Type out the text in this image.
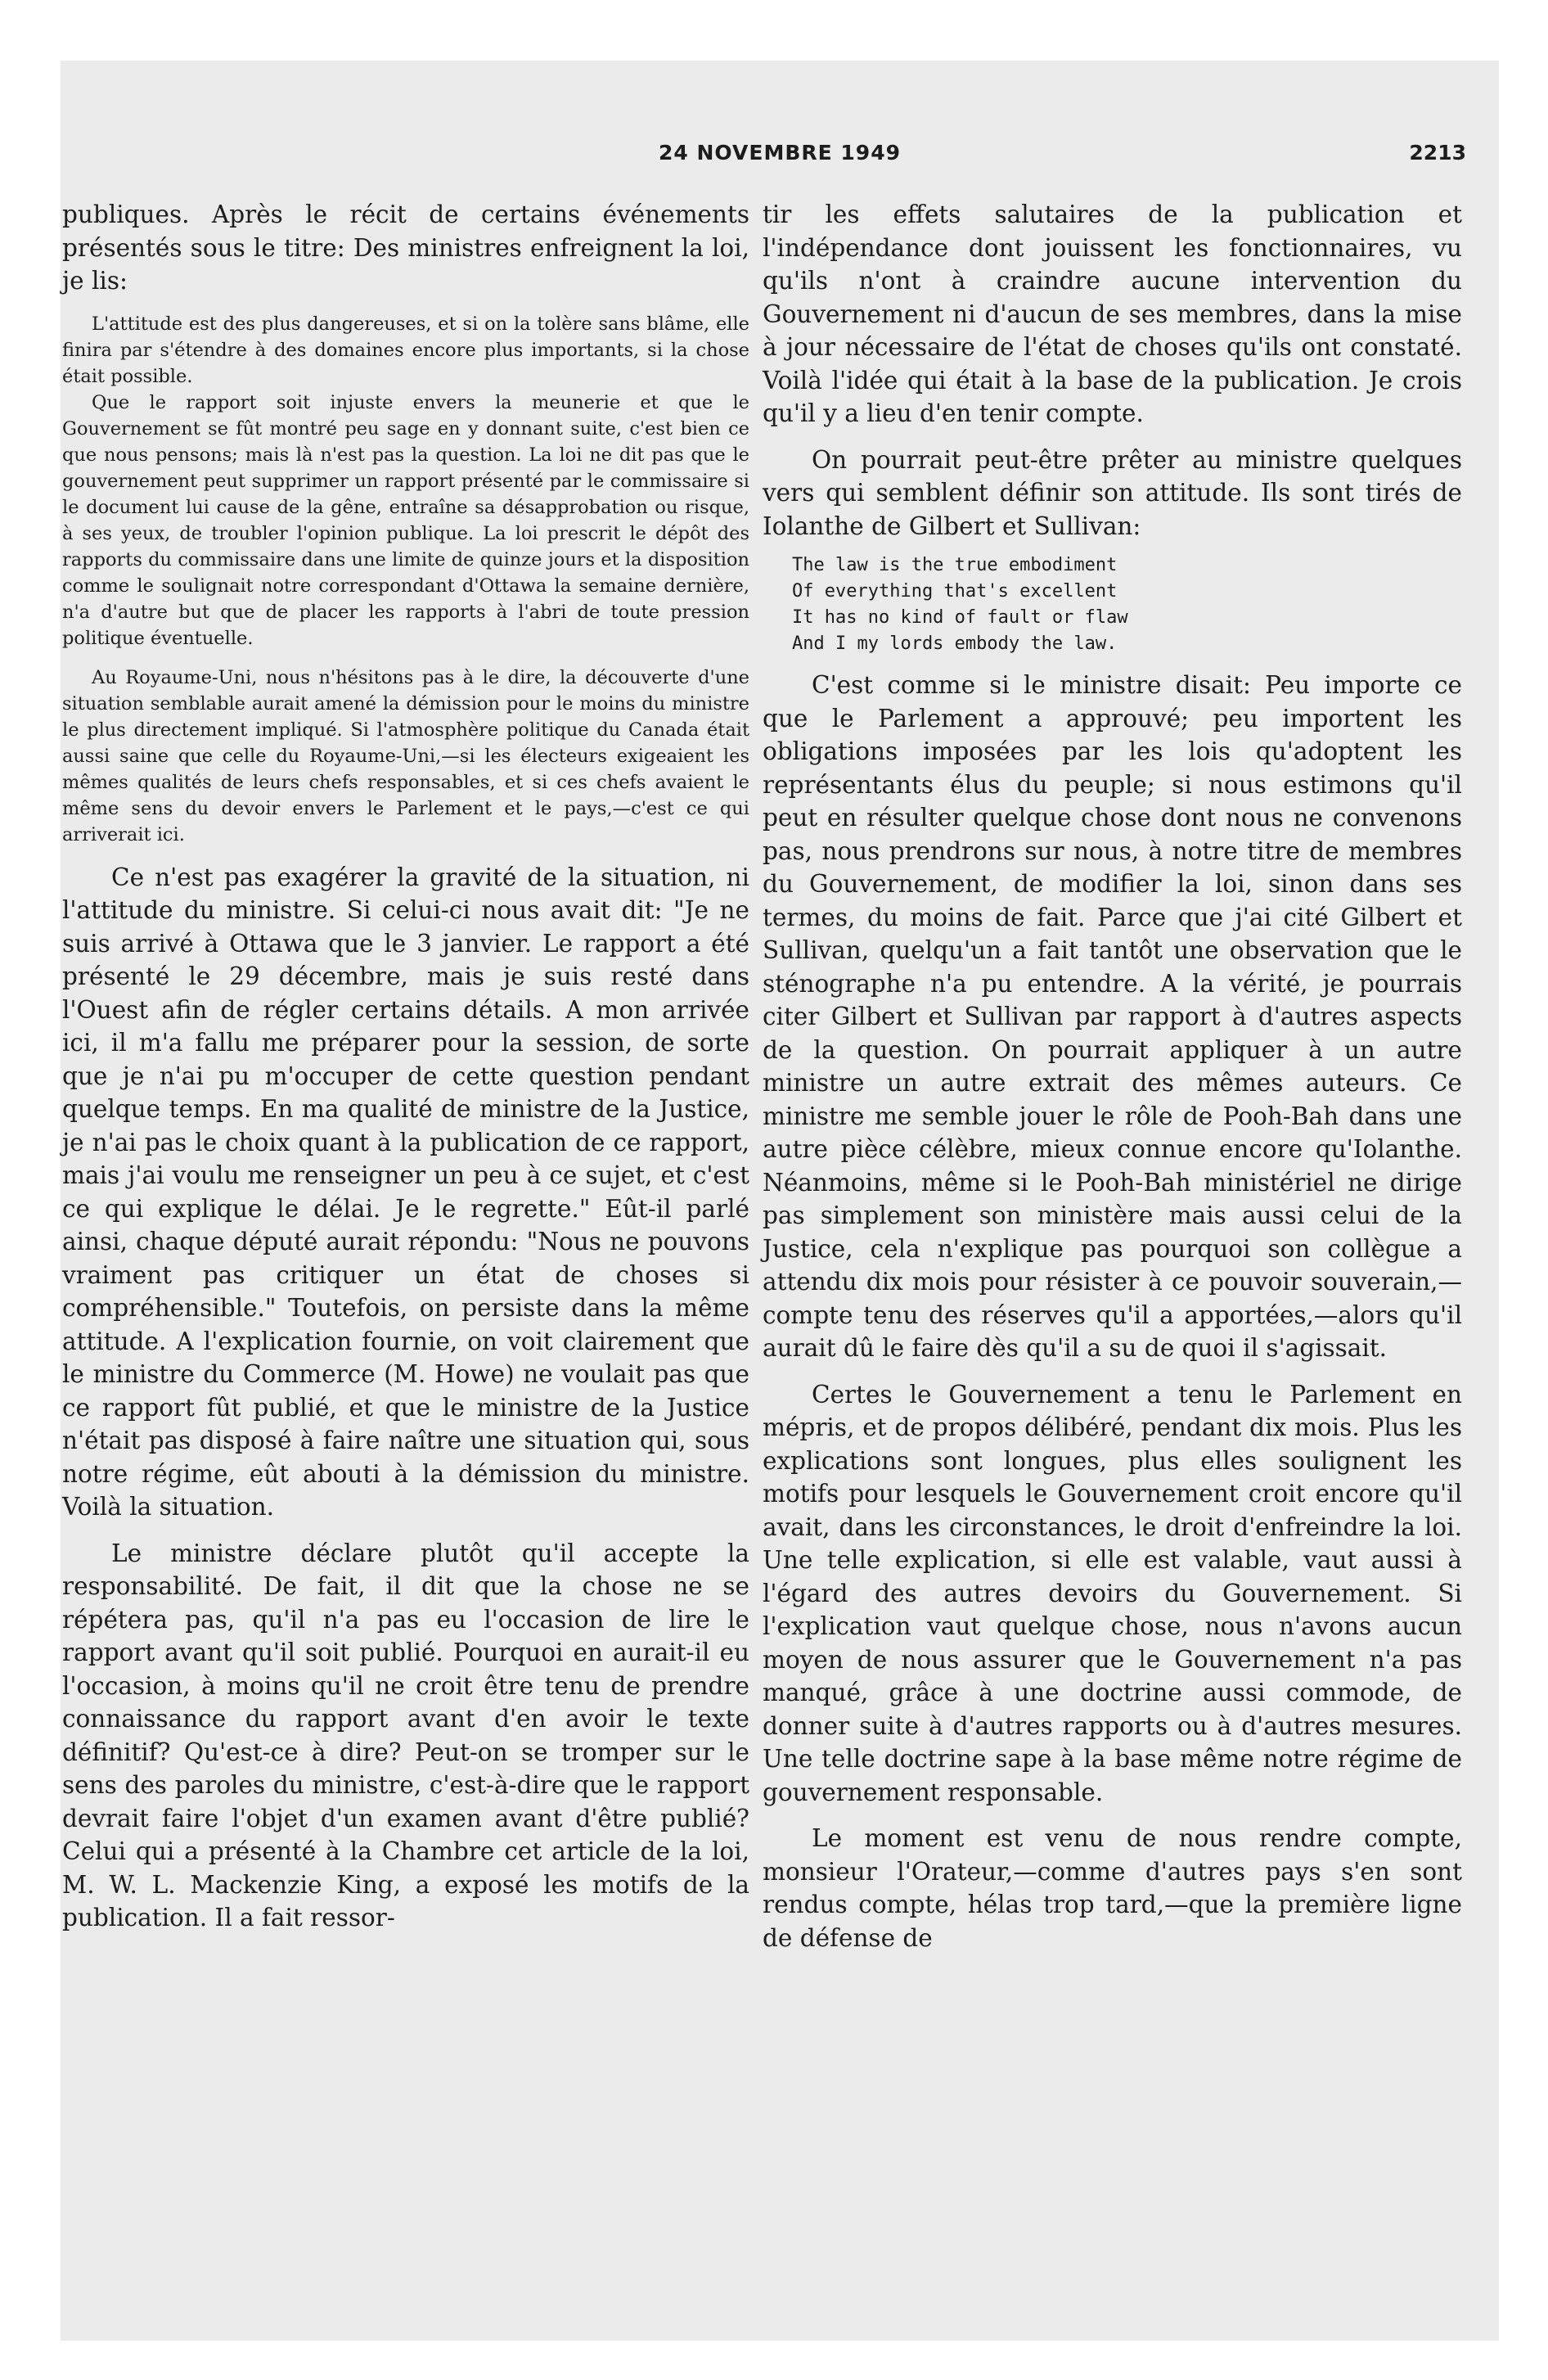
24 NOVEMBRE 1949	2213

publiques. Après le récit de certains événements présentés sous le titre: Des ministres enfreignent la loi, je lis:

L'attitude est des plus dangereuses, et si on la tolère sans blâme, elle finira par s'étendre à des domaines encore plus importants, si la chose était possible.

Que le rapport soit injuste envers la meunerie et que le Gouvernement se fût montré peu sage en y donnant suite, c'est bien ce que nous pensons; mais là n'est pas la question. La loi ne dit pas que le gouvernement peut supprimer un rapport présenté par le commissaire si le document lui cause de la gêne, entraîne sa désapprobation ou risque, à ses yeux, de troubler l'opinion publique. La loi prescrit le dépôt des rapports du commissaire dans une limite de quinze jours et la disposition comme le soulignait notre correspondant d'Ottawa la semaine dernière, n'a d'autre but que de placer les rapports à l'abri de toute pression politique éventuelle.

Au Royaume-Uni, nous n'hésitons pas à le dire, la découverte d'une situation semblable aurait amené la démission pour le moins du ministre le plus directement impliqué. Si l'atmosphère politique du Canada était aussi saine que celle du Royaume-Uni,—si les électeurs exigeaient les mêmes qualités de leurs chefs responsables, et si ces chefs avaient le même sens du devoir envers le Parlement et le pays,—c'est ce qui arriverait ici.

Ce n'est pas exagérer la gravité de la situation, ni l'attitude du ministre. Si celui-ci nous avait dit: "Je ne suis arrivé à Ottawa que le 3 janvier. Le rapport a été présenté le 29 décembre, mais je suis resté dans l'Ouest afin de régler certains détails. A mon arrivée ici, il m'a fallu me préparer pour la session, de sorte que je n'ai pu m'occuper de cette question pendant quelque temps. En ma qualité de ministre de la Justice, je n'ai pas le choix quant à la publication de ce rapport, mais j'ai voulu me renseigner un peu à ce sujet, et c'est ce qui explique le délai. Je le regrette." Eût-il parlé ainsi, chaque député aurait répondu: "Nous ne pouvons vraiment pas critiquer un état de choses si compréhensible." Toutefois, on persiste dans la même attitude. A l'explication fournie, on voit clairement que le ministre du Commerce (M. Howe) ne voulait pas que ce rapport fût publié, et que le ministre de la Justice n'était pas disposé à faire naître une situation qui, sous notre régime, eût abouti à la démission du ministre. Voilà la situation.

Le ministre déclare plutôt qu'il accepte la responsabilité. De fait, il dit que la chose ne se répétera pas, qu'il n'a pas eu l'occasion de lire le rapport avant qu'il soit publié. Pourquoi en aurait-il eu l'occasion, à moins qu'il ne croit être tenu de prendre connaissance du rapport avant d'en avoir le texte définitif? Qu'est-ce à dire? Peut-on se tromper sur le sens des paroles du ministre, c'est-à-dire que le rapport devrait faire l'objet d'un examen avant d'être publié? Celui qui a présenté à la Chambre cet article de la loi, M. W. L. Mackenzie King, a exposé les motifs de la publication. Il a fait ressor-

tir les effets salutaires de la publication et l'indépendance dont jouissent les fonctionnaires, vu qu'ils n'ont à craindre aucune intervention du Gouvernement ni d'aucun de ses membres, dans la mise à jour nécessaire de l'état de choses qu'ils ont constaté. Voilà l'idée qui était à la base de la publication. Je crois qu'il y a lieu d'en tenir compte.

On pourrait peut-être prêter au ministre quelques vers qui semblent définir son attitude. Ils sont tirés de Iolanthe de Gilbert et Sullivan:

The law is the true embodiment
Of everything that's excellent
It has no kind of fault or flaw
And I my lords embody the law.

C'est comme si le ministre disait: Peu importe ce que le Parlement a approuvé; peu importent les obligations imposées par les lois qu'adoptent les représentants élus du peuple; si nous estimons qu'il peut en résulter quelque chose dont nous ne convenons pas, nous prendrons sur nous, à notre titre de membres du Gouvernement, de modifier la loi, sinon dans ses termes, du moins de fait. Parce que j'ai cité Gilbert et Sullivan, quelqu'un a fait tantôt une observation que le sténographe n'a pu entendre. A la vérité, je pourrais citer Gilbert et Sullivan par rapport à d'autres aspects de la question. On pourrait appliquer à un autre ministre un autre extrait des mêmes auteurs. Ce ministre me semble jouer le rôle de Pooh-Bah dans une autre pièce célèbre, mieux connue encore qu'Iolanthe. Néanmoins, même si le Pooh-Bah ministériel ne dirige pas simplement son ministère mais aussi celui de la Justice, cela n'explique pas pourquoi son collègue a attendu dix mois pour résister à ce pouvoir souverain,—compte tenu des réserves qu'il a apportées,—alors qu'il aurait dû le faire dès qu'il a su de quoi il s'agissait.

Certes le Gouvernement a tenu le Parlement en mépris, et de propos délibéré, pendant dix mois. Plus les explications sont longues, plus elles soulignent les motifs pour lesquels le Gouvernement croit encore qu'il avait, dans les circonstances, le droit d'enfreindre la loi. Une telle explication, si elle est valable, vaut aussi à l'égard des autres devoirs du Gouvernement. Si l'explication vaut quelque chose, nous n'avons aucun moyen de nous assurer que le Gouvernement n'a pas manqué, grâce à une doctrine aussi commode, de donner suite à d'autres rapports ou à d'autres mesures. Une telle doctrine sape à la base même notre régime de gouvernement responsable.

Le moment est venu de nous rendre compte, monsieur l'Orateur,—comme d'autres pays s'en sont rendus compte, hélas trop tard,—que la première ligne de défense de
